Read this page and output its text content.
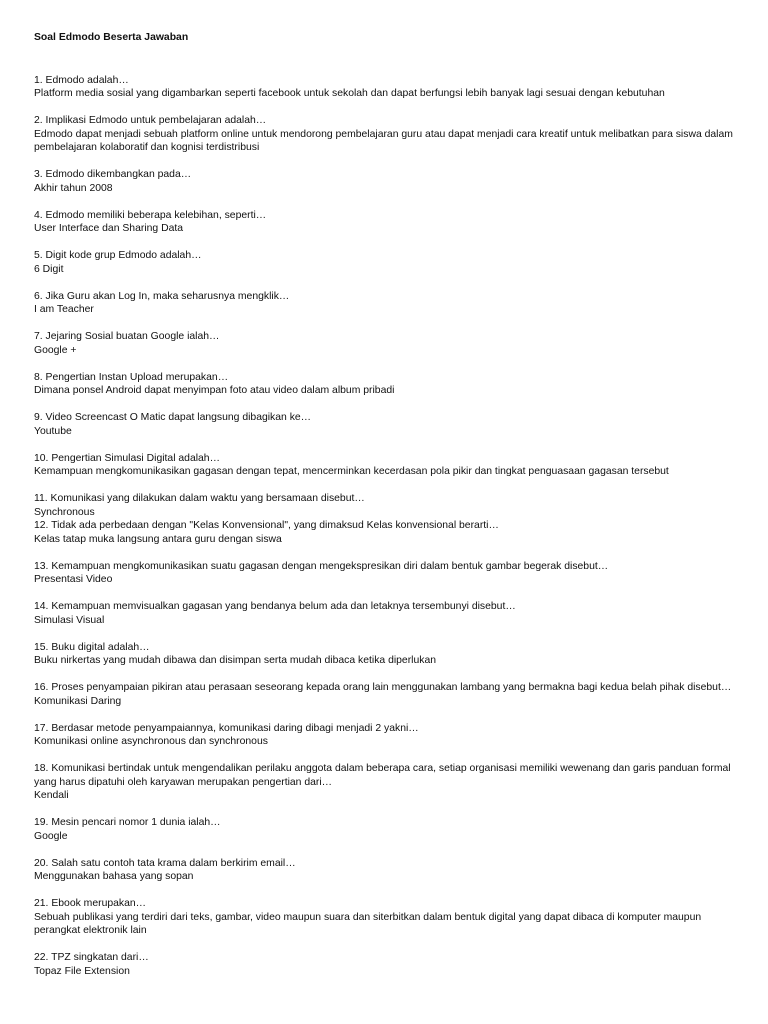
Soal Edmodo Beserta Jawaban
1. Edmodo adalah…
Platform media sosial yang digambarkan seperti facebook untuk sekolah dan dapat berfungsi lebih banyak lagi sesuai dengan kebutuhan
2. Implikasi Edmodo untuk pembelajaran adalah…
Edmodo dapat menjadi sebuah platform online untuk mendorong pembelajaran guru atau dapat menjadi cara kreatif untuk melibatkan para siswa dalam pembelajaran kolaboratif dan kognisi terdistribusi
3. Edmodo dikembangkan pada…
Akhir tahun 2008
4. Edmodo memiliki beberapa kelebihan, seperti…
User Interface dan Sharing Data
5. Digit kode grup Edmodo adalah…
6 Digit
6. Jika Guru akan Log In, maka seharusnya mengklik…
I am Teacher
7. Jejaring Sosial buatan Google ialah…
Google +
8. Pengertian Instan Upload merupakan…
Dimana ponsel Android dapat menyimpan foto atau video dalam album pribadi
9. Video Screencast O Matic dapat langsung dibagikan ke…
Youtube
10. Pengertian Simulasi Digital adalah…
Kemampuan mengkomunikasikan gagasan dengan tepat, mencerminkan kecerdasan pola pikir dan tingkat penguasaan gagasan tersebut
11. Komunikasi yang dilakukan dalam waktu yang bersamaan disebut…
Synchronous
12. Tidak ada perbedaan dengan "Kelas Konvensional", yang dimaksud Kelas konvensional berarti…
Kelas tatap muka langsung antara guru dengan siswa
13. Kemampuan mengkomunikasikan suatu gagasan dengan mengekspresikan diri dalam bentuk gambar begerak disebut…
Presentasi Video
14. Kemampuan memvisualkan gagasan yang bendanya belum ada dan letaknya tersembunyi disebut…
Simulasi Visual
15. Buku digital adalah…
Buku nirkertas yang mudah dibawa dan disimpan serta mudah dibaca ketika diperlukan
16. Proses penyampaian pikiran atau perasaan seseorang kepada orang lain menggunakan lambang yang bermakna bagi kedua belah pihak disebut…
Komunikasi Daring
17. Berdasar metode penyampaiannya, komunikasi daring dibagi menjadi 2 yakni…
Komunikasi online asynchronous dan synchronous
18. Komunikasi bertindak untuk mengendalikan perilaku anggota dalam beberapa cara, setiap organisasi memiliki wewenang dan garis panduan formal yang harus dipatuhi oleh karyawan merupakan pengertian dari…
Kendali
19. Mesin pencari nomor 1 dunia ialah…
Google
20. Salah satu contoh tata krama dalam berkirim email…
Menggunakan bahasa yang sopan
21. Ebook merupakan…
Sebuah publikasi yang terdiri dari teks, gambar, video maupun suara dan siterbitkan dalam bentuk digital yang dapat dibaca di komputer maupun perangkat elektronik lain
22. TPZ singkatan dari…
Topaz File Extension
